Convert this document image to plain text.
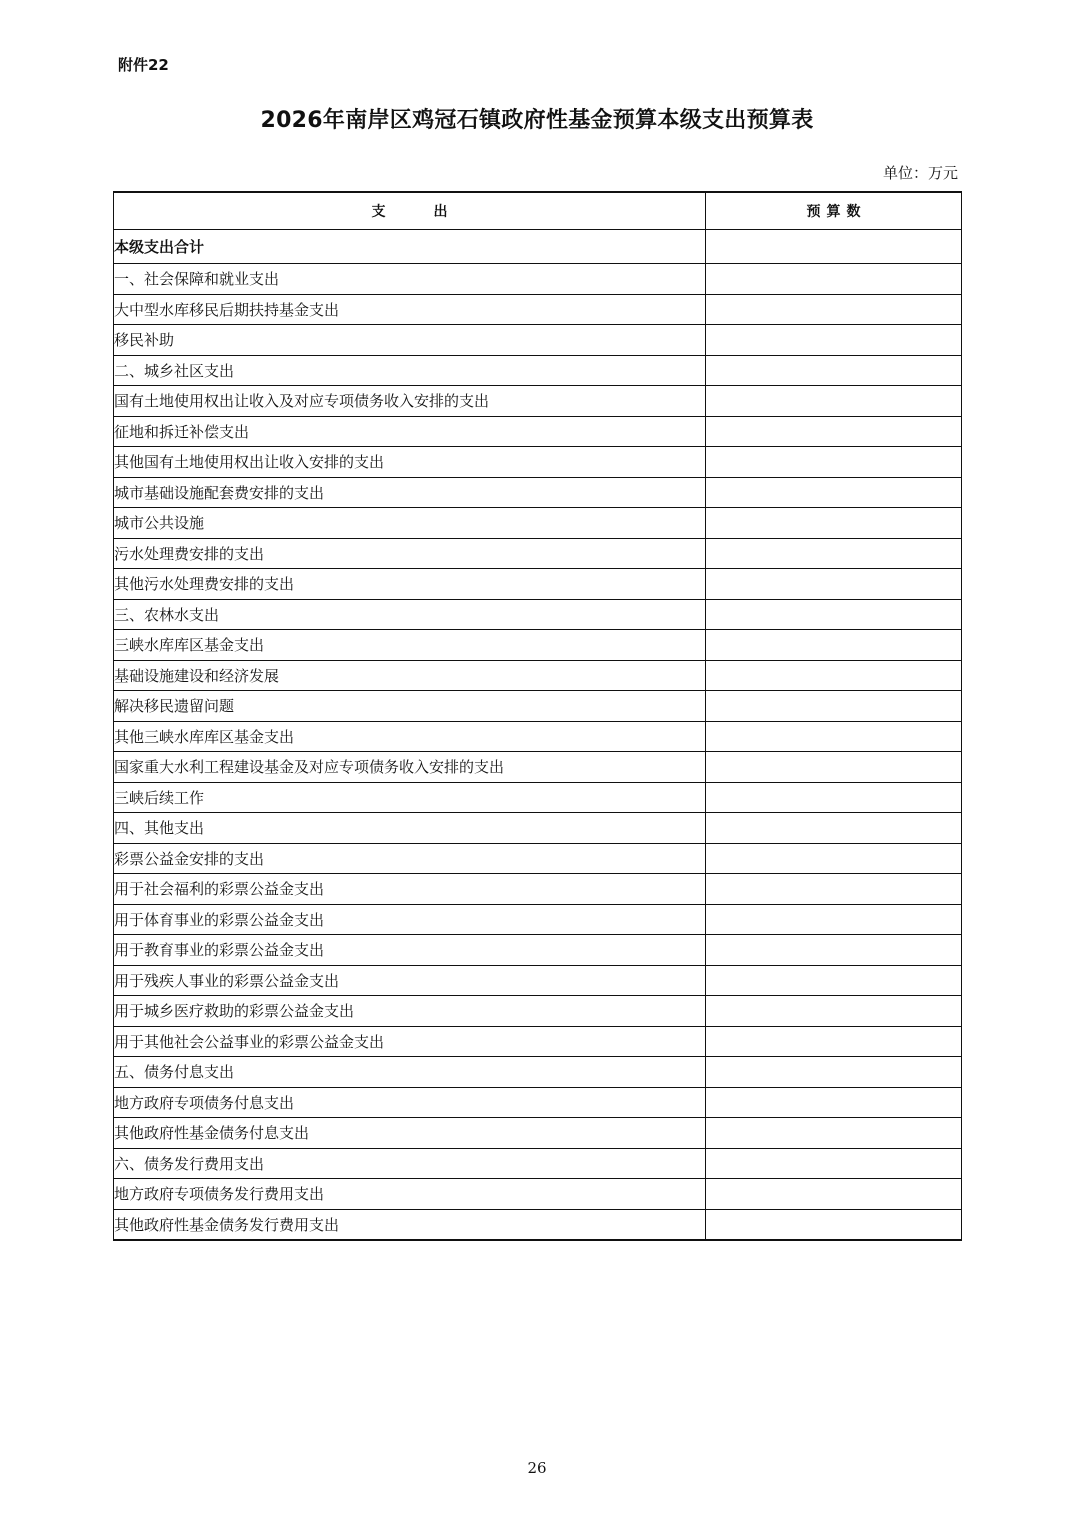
附件22
2026年南岸区鸡冠石镇政府性基金预算本级支出预算表
单位：万元
支出	预算数
本级支出合计	
一、社会保障和就业支出	
大中型水库移民后期扶持基金支出	
移民补助	
二、城乡社区支出	
国有土地使用权出让收入及对应专项债务收入安排的支出	
征地和拆迁补偿支出	
其他国有土地使用权出让收入安排的支出	
城市基础设施配套费安排的支出	
城市公共设施	
污水处理费安排的支出	
其他污水处理费安排的支出	
三、农林水支出	
三峡水库库区基金支出	
基础设施建设和经济发展	
解决移民遗留问题	
其他三峡水库库区基金支出	
国家重大水利工程建设基金及对应专项债务收入安排的支出	
三峡后续工作	
四、其他支出	
彩票公益金安排的支出	
用于社会福利的彩票公益金支出	
用于体育事业的彩票公益金支出	
用于教育事业的彩票公益金支出	
用于残疾人事业的彩票公益金支出	
用于城乡医疗救助的彩票公益金支出	
用于其他社会公益事业的彩票公益金支出	
五、债务付息支出	
地方政府专项债务付息支出	
其他政府性基金债务付息支出	
六、债务发行费用支出	
地方政府专项债务发行费用支出	
其他政府性基金债务发行费用支出	
26
